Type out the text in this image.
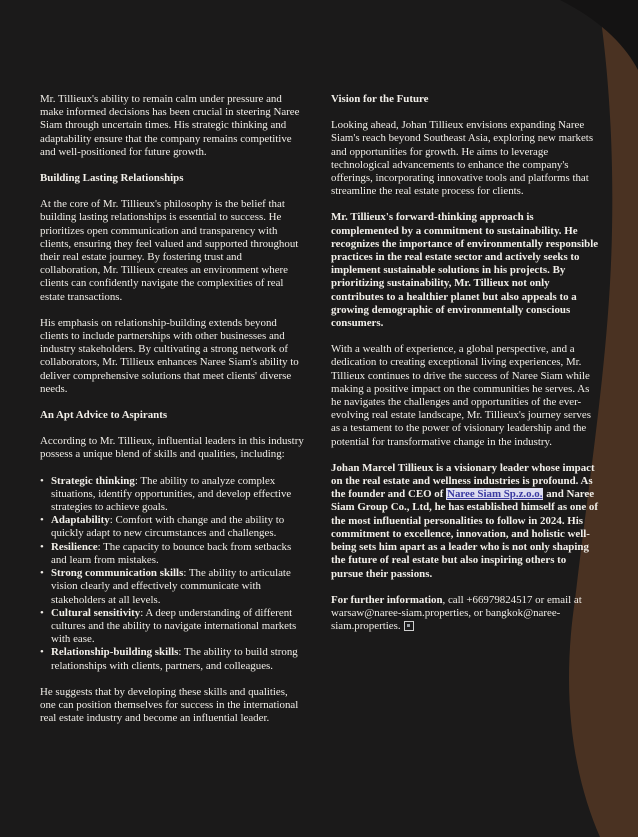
Mr. Tillieux's ability to remain calm under pressure and make informed decisions has been crucial in steering Naree Siam through uncertain times. His strategic thinking and adaptability ensure that the company remains competitive and well-positioned for future growth.

Building Lasting Relationships

At the core of Mr. Tillieux's philosophy is the belief that building lasting relationships is essential to success. He prioritizes open communication and transparency with clients, ensuring they feel valued and supported throughout their real estate journey. By fostering trust and collaboration, Mr. Tillieux creates an environment where clients can confidently navigate the complexities of real estate transactions.

His emphasis on relationship-building extends beyond clients to include partnerships with other businesses and industry stakeholders. By cultivating a strong network of collaborators, Mr. Tillieux enhances Naree Siam's ability to deliver comprehensive solutions that meet clients' diverse needs.

An Apt Advice to Aspirants

According to Mr. Tillieux, influential leaders in this industry possess a unique blend of skills and qualities, including:

• Strategic thinking: The ability to analyze complex situations, identify opportunities, and develop effective strategies to achieve goals.
• Adaptability: Comfort with change and the ability to quickly adapt to new circumstances and challenges.
• Resilience: The capacity to bounce back from setbacks and learn from mistakes.
• Strong communication skills: The ability to articulate vision clearly and effectively communicate with stakeholders at all levels.
• Cultural sensitivity: A deep understanding of different cultures and the ability to navigate international markets with ease.
• Relationship-building skills: The ability to build strong relationships with clients, partners, and colleagues.

He suggests that by developing these skills and qualities, one can position themselves for success in the international real estate industry and become an influential leader.

Vision for the Future

Looking ahead, Johan Tillieux envisions expanding Naree Siam's reach beyond Southeast Asia, exploring new markets and opportunities for growth. He aims to leverage technological advancements to enhance the company's offerings, incorporating innovative tools and platforms that streamline the real estate process for clients.

Mr. Tillieux's forward-thinking approach is complemented by a commitment to sustainability. He recognizes the importance of environmentally responsible practices in the real estate sector and actively seeks to implement sustainable solutions in his projects. By prioritizing sustainability, Mr. Tillieux not only contributes to a healthier planet but also appeals to a growing demographic of environmentally conscious consumers.

With a wealth of experience, a global perspective, and a dedication to creating exceptional living experiences, Mr. Tillieux continues to drive the success of Naree Siam while making a positive impact on the communities he serves. As he navigates the challenges and opportunities of the ever-evolving real estate landscape, Mr. Tillieux's journey serves as a testament to the power of visionary leadership and the potential for transformative change in the industry.

Johan Marcel Tillieux is a visionary leader whose impact on the real estate and wellness industries is profound. As the founder and CEO of Naree Siam Sp.z.o.o. and Naree Siam Group Co., Ltd, he has established himself as one of the most influential personalities to follow in 2024. His commitment to excellence, innovation, and holistic well-being sets him apart as a leader who is not only shaping the future of real estate but also inspiring others to pursue their passions.

For further information, call +66979824517 or email at warsaw@naree-siam.properties, or bangkok@naree-siam.properties.
